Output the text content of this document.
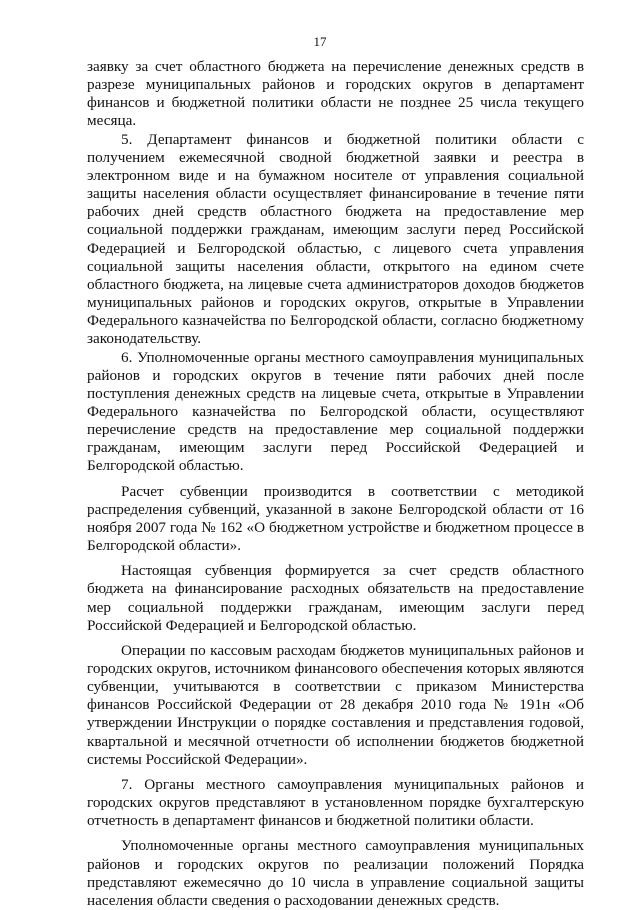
17

заявку за счет областного бюджета на перечисление денежных средств в разрезе муниципальных районов и городских округов в департамент финансов и бюджетной политики области не позднее 25 числа текущего месяца.

5. Департамент финансов и бюджетной политики области с получением ежемесячной сводной бюджетной заявки и реестра в электронном виде и на бумажном носителе от управления социальной защиты населения области осуществляет финансирование в течение пяти рабочих дней средств областного бюджета на предоставление мер социальной поддержки гражданам, имеющим заслуги перед Российской Федерацией и Белгородской областью, с лицевого счета управления социальной защиты населения области, открытого на едином счете областного бюджета, на лицевые счета администраторов доходов бюджетов муниципальных районов и городских округов, открытые в Управлении Федерального казначейства по Белгородской области, согласно бюджетному законодательству.

6. Уполномоченные органы местного самоуправления муниципальных районов и городских округов в течение пяти рабочих дней после поступления денежных средств на лицевые счета, открытые в Управлении Федерального казначейства по Белгородской области, осуществляют перечисление средств на предоставление мер социальной поддержки гражданам, имеющим заслуги перед Российской Федерацией и Белгородской областью.

Расчет субвенции производится в соответствии с методикой распределения субвенций, указанной в законе Белгородской области от 16 ноября 2007 года № 162 «О бюджетном устройстве и бюджетном процессе в Белгородской области».

Настоящая субвенция формируется за счет средств областного бюджета на финансирование расходных обязательств на предоставление мер социальной поддержки гражданам, имеющим заслуги перед Российской Федерацией и Белгородской областью.

Операции по кассовым расходам бюджетов муниципальных районов и городских округов, источником финансового обеспечения которых являются субвенции, учитываются в соответствии с приказом Министерства финансов Российской Федерации от 28 декабря 2010 года № 191н «Об утверждении Инструкции о порядке составления и представления годовой, квартальной и месячной отчетности об исполнении бюджетов бюджетной системы Российской Федерации».

7. Органы местного самоуправления муниципальных районов и городских округов представляют в установленном порядке бухгалтерскую отчетность в департамент финансов и бюджетной политики области.

Уполномоченные органы местного самоуправления муниципальных районов и городских округов по реализации положений Порядка представляют ежемесячно до 10 числа в управление социальной защиты населения области сведения о расходовании денежных средств.
